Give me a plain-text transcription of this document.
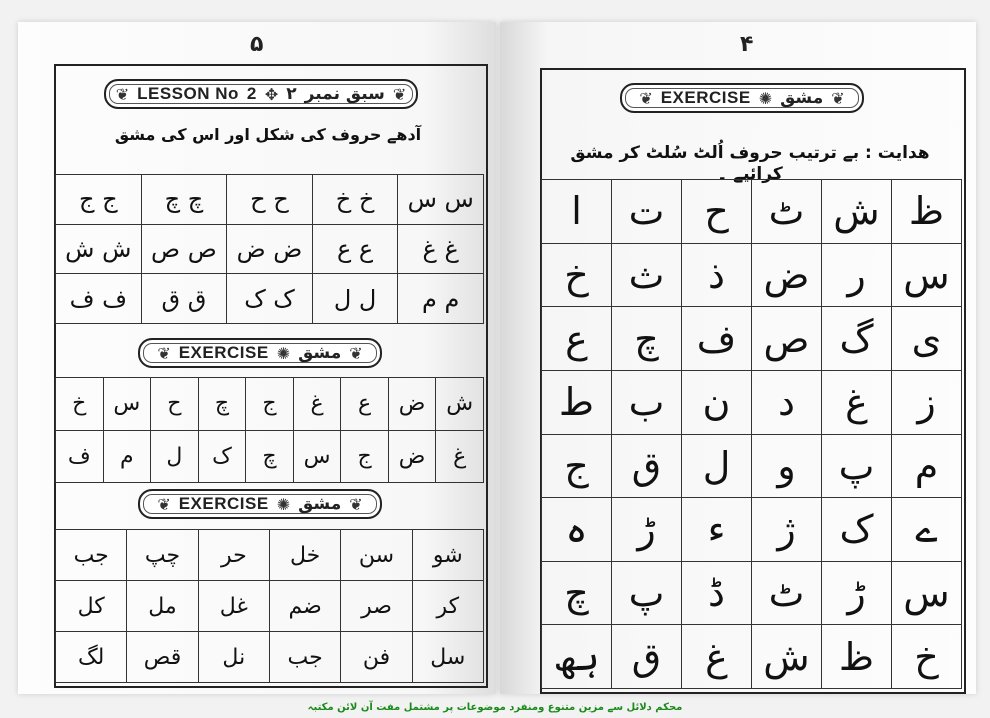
۵
❦ LESSON No 2 ✥ ۲ سبق نمبر ❦
آدھے حروف کی شکل اور اس کی مشق
ج ج	چ چ	ح ح	خ خ	س س
ش ش	ص ص	ض ض	ع ع	غ غ
ف ف	ق ق	ک ک	ل ل	م م
❦ EXERCISE ✺ مشق ❦
خ	س	ح	چ	ج	غ	ع	ض	ش
ف	م	ل	ک	چ	س	ج	ض	غ
❦ EXERCISE ✺ مشق ❦
جب	چپ	حر	خل	سن	شو
کل	مل	غل	ضم	صر	کر
لگ	قص	نل	جب	فن	سل
۴
❦ EXERCISE ✺ مشق ❦
ھدایت : بے ترتیب حروف اُلٹ سُلٹ کر مشق کرائیے ۔
ا	ت	ح	ٹ	ش	ظ
خ	ث	ذ	ض	ر	س
ع	چ	ف	ص	گ	ی
ط	ب	ن	د	غ	ز
ج	ق	ل	و	پ	م
ہ	ڑ	ء	ژ	ک	ے
چ	پ	ڈ	ٹ	ڑ	س
ہھ	ق	غ	ش	ظ	خ
محکم دلائل سے مزین متنوع ومنفرد موضوعات پر مشتمل مفت آن لائن مکتبہ
